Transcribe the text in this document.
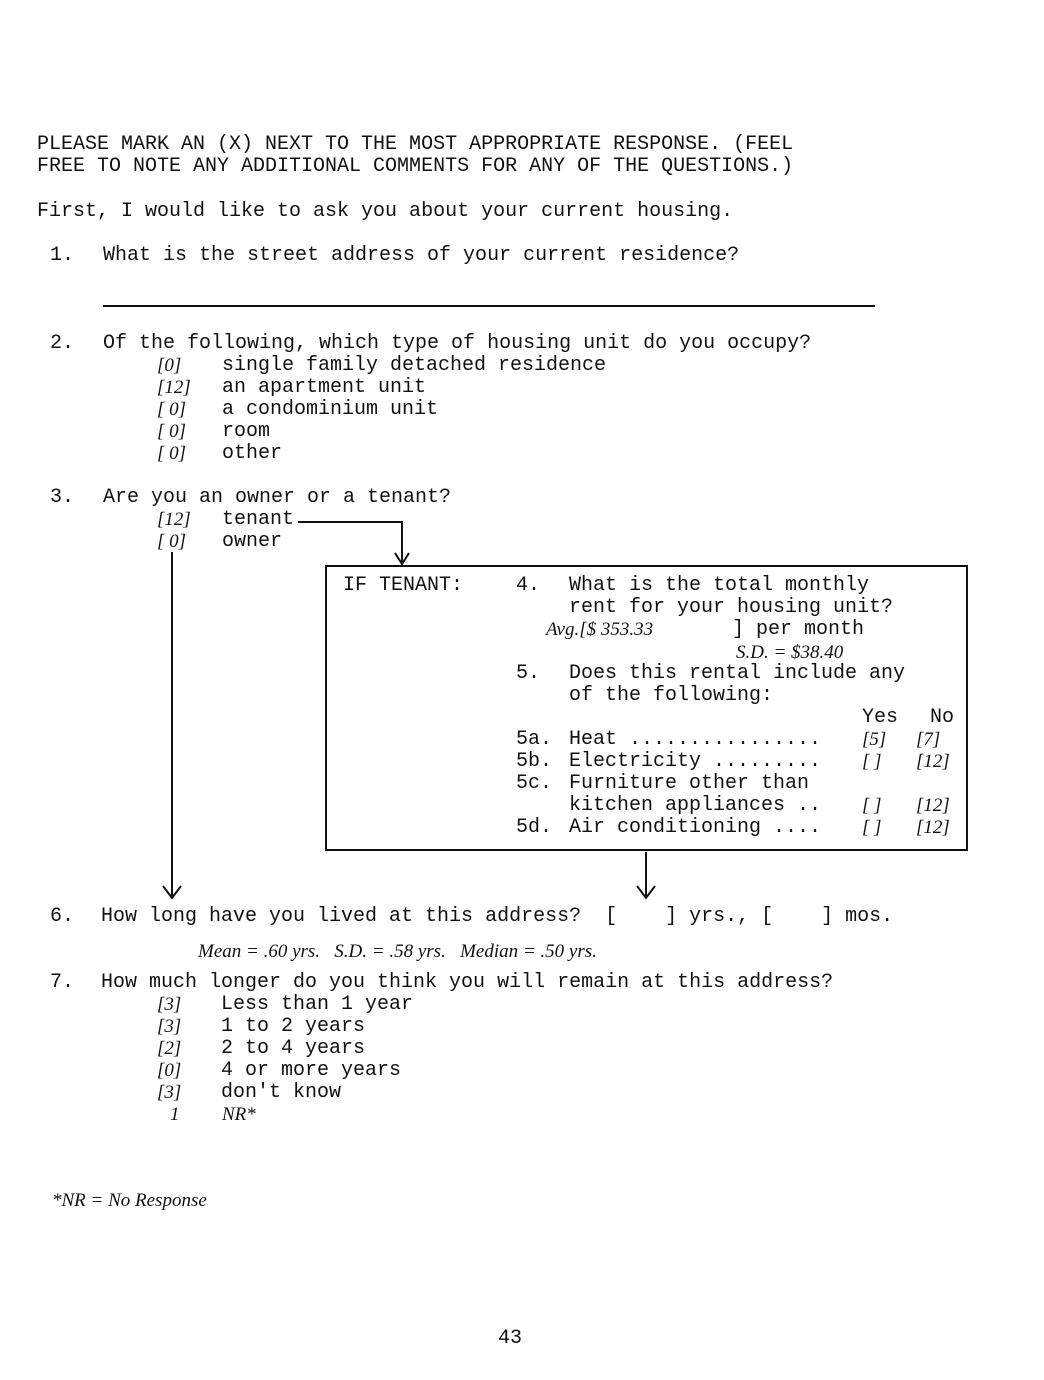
PLEASE MARK AN (X) NEXT TO THE MOST APPROPRIATE RESPONSE. (FEEL
FREE TO NOTE ANY ADDITIONAL COMMENTS FOR ANY OF THE QUESTIONS.)
First, I would like to ask you about your current housing.
1. What is the street address of your current residence?
2. Of the following, which type of housing unit do you occupy?
[0] single family detached residence
[12] an apartment unit
[ 0] a condominium unit
[ 0] room
[ 0] other
3. Are you an owner or a tenant?
[12] tenant
[ 0] owner
IF TENANT:	4. What is the total monthly
rent for your housing unit?
Avg.[$ 353.33	] per month
S.D. = $38.40
5. Does this rental include any
of the following:
Yes No
5a. Heat ................ [5] [7]
5b. Electricity ......... [ ] [12]
5c. Furniture other than
kitchen appliances .. [ ] [12]
5d. Air conditioning .... [ ] [12]
6. How long have you lived at this address?  [    ] yrs., [    ] mos.
Mean = .60 yrs.   S.D. = .58 yrs.   Median = .50 yrs.
7. How much longer do you think you will remain at this address?
[3] Less than 1 year
[3] 1 to 2 years
[2] 2 to 4 years
[0] 4 or more years
[3] don't know
1 NR*
*NR = No Response
43
